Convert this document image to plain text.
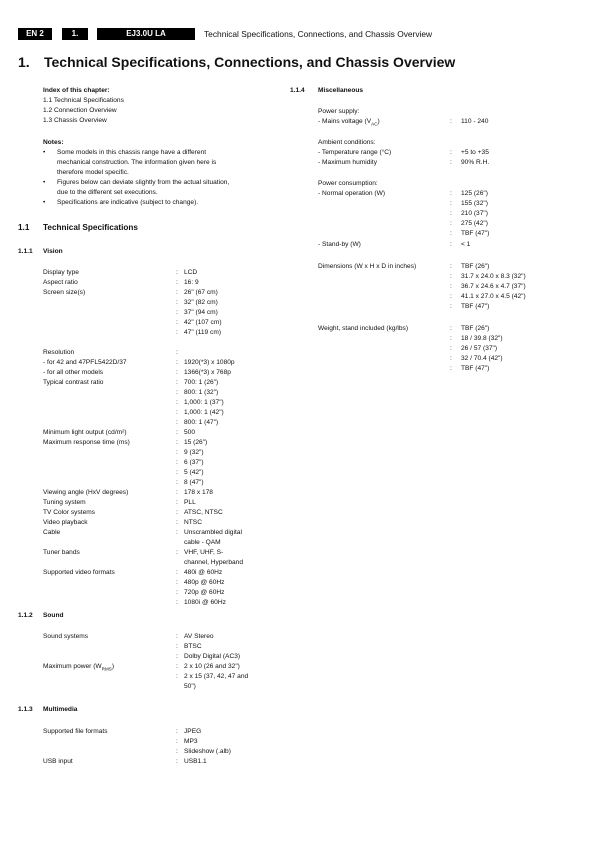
EN 2	1.	EJ3.0U LA	Technical Specifications, Connections, and Chassis Overview
1. Technical Specifications, Connections, and Chassis Overview
Index of this chapter:
1.1 Technical Specifications
1.2 Connection Overview
1.3 Chassis Overview
Notes:
• Some models in this chassis range have a different
mechanical construction. The information given here is
therefore model specific.
• Figures below can deviate slightly from the actual situation,
due to the different set executions.
• Specifications are indicative (subject to change).
1.1 Technical Specifications
1.1.1 Vision
Display type	: LCD
Aspect ratio	: 16: 9
Screen size(s)	: 26" (67 cm)
: 32" (82 cm)
: 37" (94 cm)
: 42" (107 cm)
: 47" (119 cm)
Resolution	:
- for 42 and 47PFL5422D/37	: 1920(*3) x 1080p
- for all other models	: 1366(*3) x 768p
Typical contrast ratio	: 700: 1 (26")
: 800: 1 (32")
: 1,000: 1 (37")
: 1,000: 1 (42")
: 800: 1 (47")
Minimum light output (cd/m²)	: 500
Maximum response time (ms)	: 15 (26")
: 9 (32")
: 6 (37")
: 5 (42")
: 8 (47")
Viewing angle (HxV degrees)	: 178 x 178
Tuning system	: PLL
TV Color systems	: ATSC, NTSC
Video playback	: NTSC
Cable	: Unscrambled digital
cable - QAM
Tuner bands	: VHF, UHF, S-
channel, Hyperband
Supported video formats	: 480i @ 60Hz
: 480p @ 60Hz
: 720p @ 60Hz
: 1080i @ 60Hz
1.1.2 Sound
Sound systems	: AV Stereo
: BTSC
: Dolby Digital (AC3)
Maximum power $(W_{RMS})$	: 2 x 10 (26 and 32")
: 2 x 15 (37, 42, 47 and
50")
1.1.3 Multimedia
Supported file formats	: JPEG
: MP3
: Slideshow (.alb)
USB input	: USB1.1
1.1.4 Miscellaneous
Power supply:
- Mains voltage $(V_{AC})$	: 110 - 240
Ambient conditions:
- Temperature range (°C)	: +5 to +35
- Maximum humidity	: 90% R.H.
Power consumption:
- Normal operation (W)	: 125 (26")
: 155 (32")
: 210 (37")
: 275 (42")
: TBF (47")
- Stand-by (W)	: < 1
Dimensions (W x H x D in inches)	: TBF (26")
: 31.7 x 24.0 x 8.3 (32")
: 36.7 x 24.6 x 4.7 (37")
: 41.1 x 27.0 x 4.5 (42")
: TBF (47")
Weight, stand included (kg/lbs)	: TBF (26")
: 18 / 39.8 (32")
: 26 / 57 (37")
: 32 / 70.4 (42")
: TBF (47")
